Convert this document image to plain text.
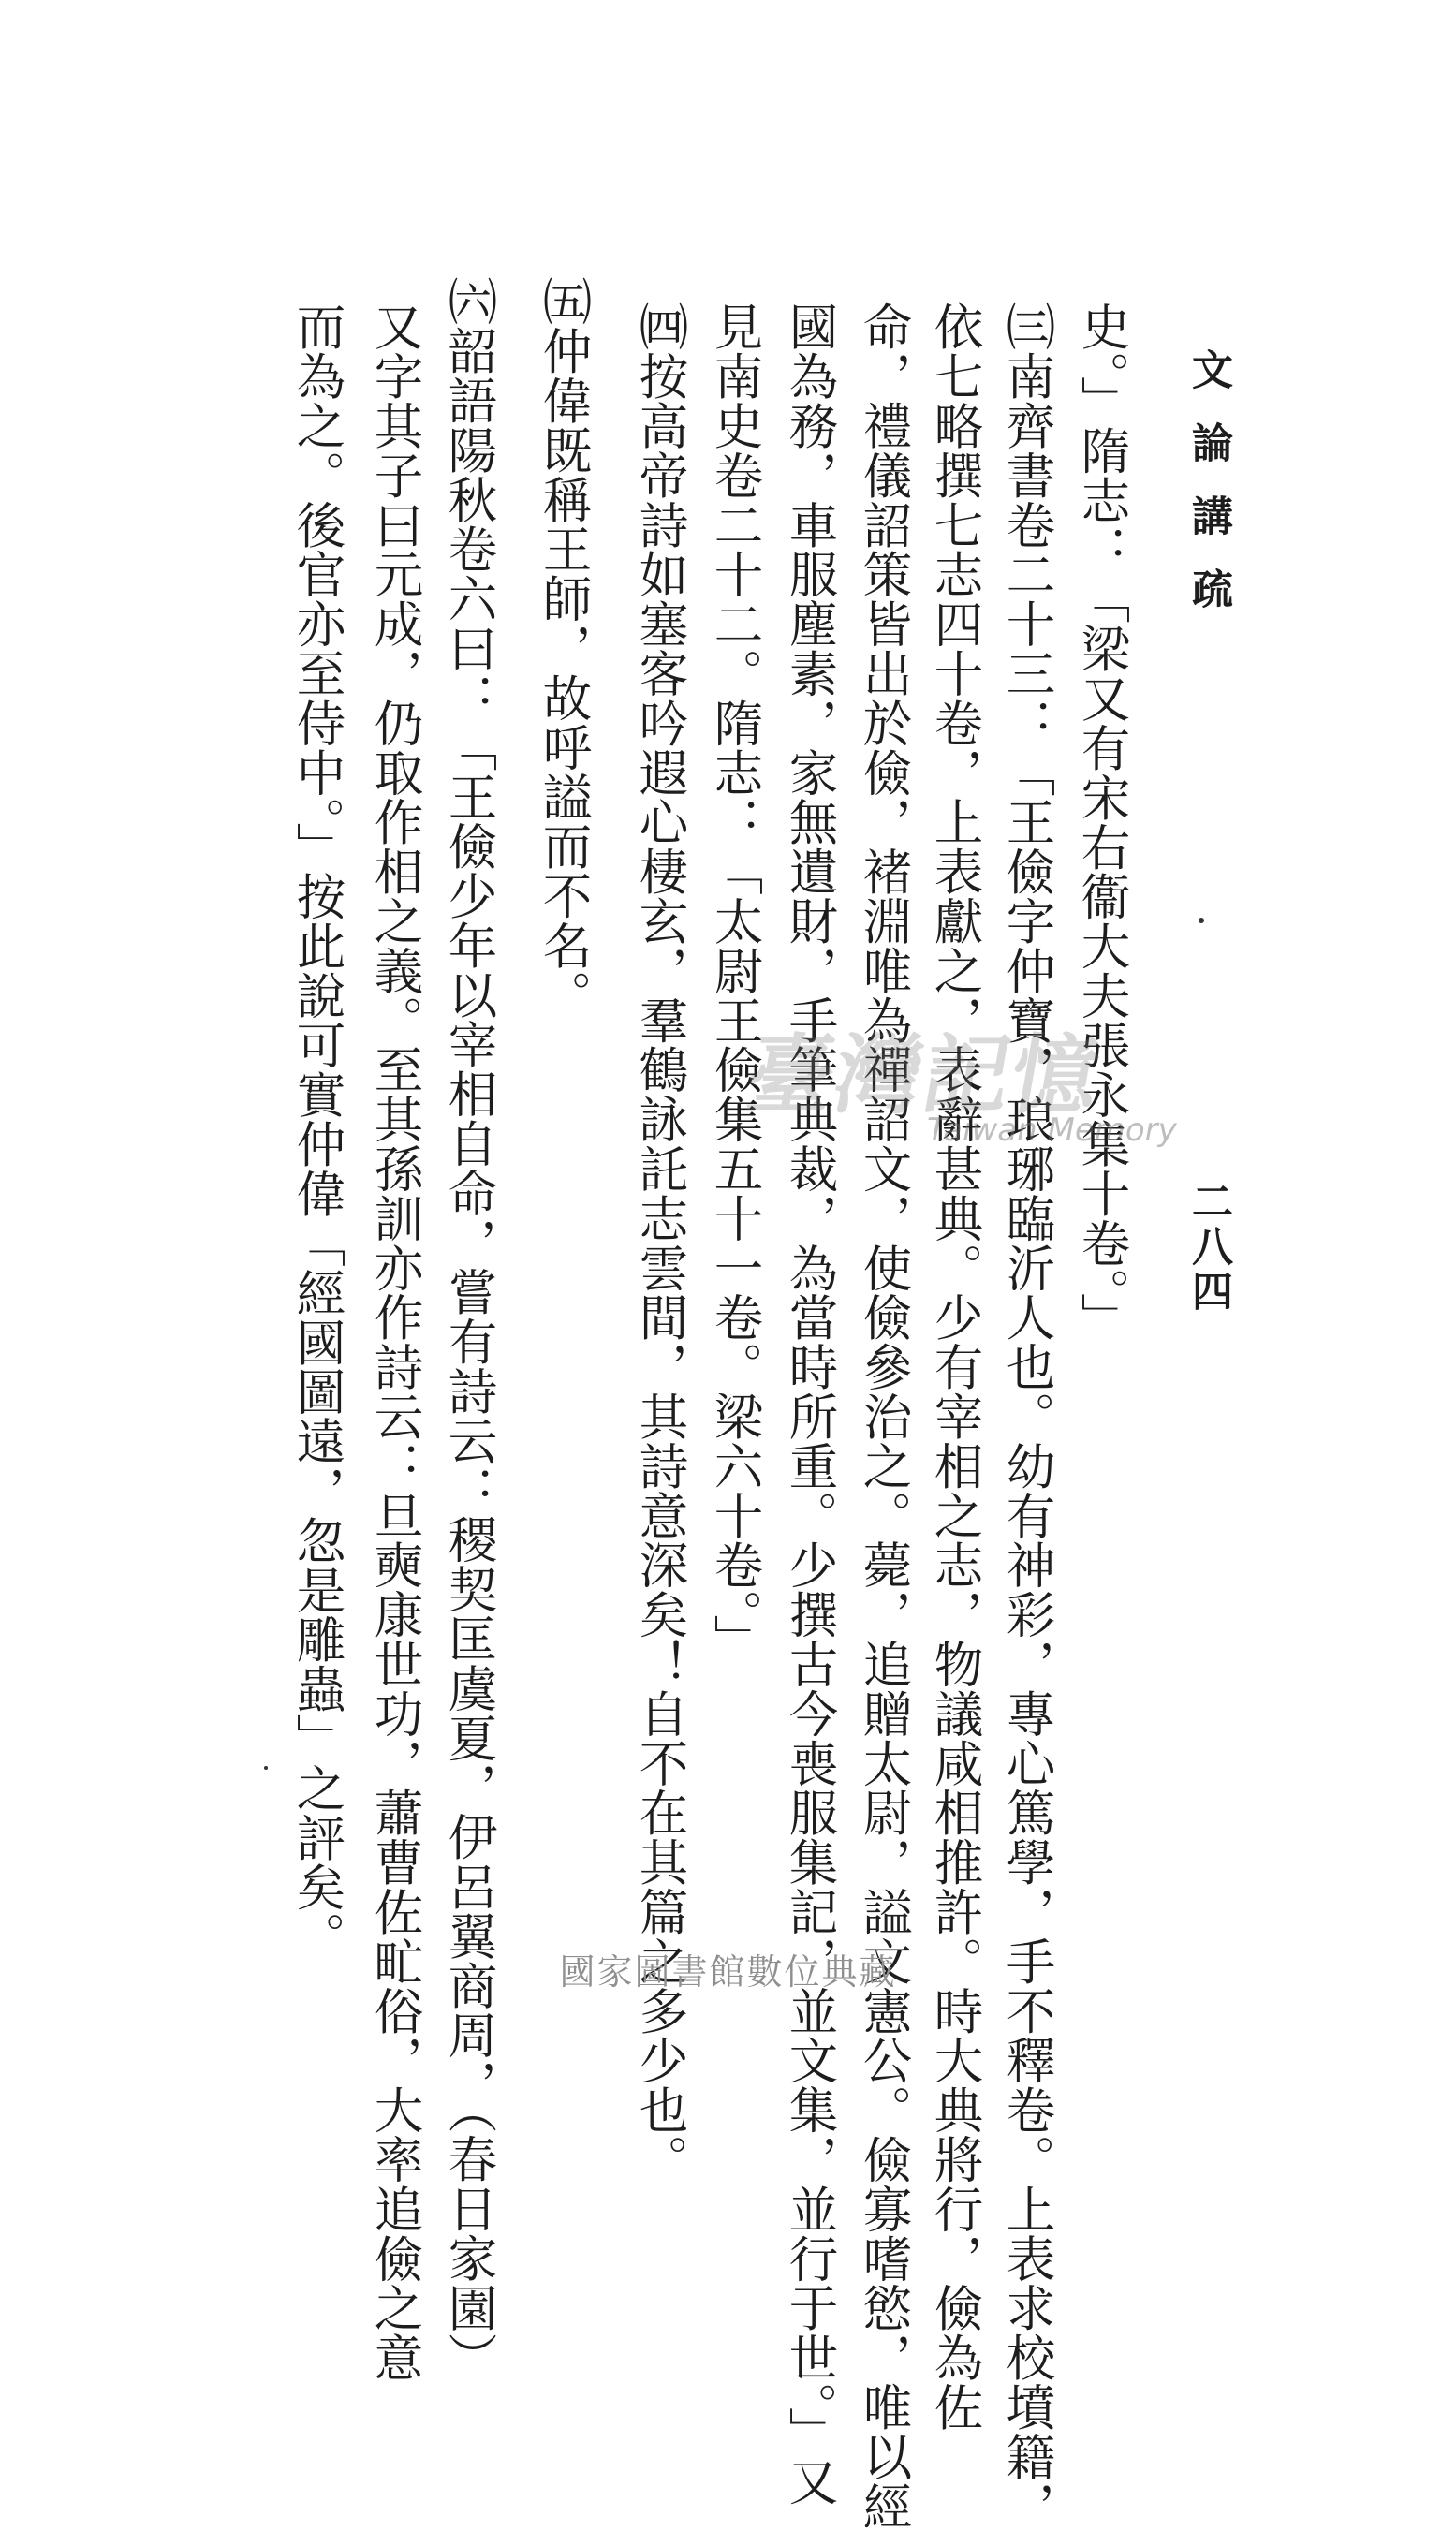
文論講疏
二八四
史。」隋志：「梁又有宋右衞大夫張永集十卷。」
㈢南齊書卷二十三：「王儉字仲寶，琅琊臨沂人也。幼有神彩，專心篤學，手不釋卷。上表求校墳籍，
依七略撰七志四十卷，上表獻之，表辭甚典。少有宰相之志，物議咸相推許。時大典將行，儉為佐
命，禮儀詔策皆出於儉，褚淵唯為禪詔文，使儉參治之。薨，追贈太尉，謚文憲公。儉寡嗜慾，唯以經
國為務，車服塵素，家無遺財，手筆典裁，為當時所重。少撰古今喪服集記，並文集，並行于世。」又
見南史卷二十二。隋志：「太尉王儉集五十一卷。梁六十卷。」
㈣按高帝詩如塞客吟遐心棲玄，羣鶴詠託志雲間，其詩意深矣！自不在其篇之多少也。
㈤仲偉既稱王師，故呼謚而不名。
㈥韶語陽秋卷六曰：「王儉少年以宰相自命，嘗有詩云：稷契匡虞夏，伊呂翼商周，（春日家園）
又字其子曰元成，仍取作相之義。至其孫訓亦作詩云：旦奭康世功，蕭曹佐甿俗，大率追儉之意
而為之。後官亦至侍中。」按此說可實仲偉「經國圖遠，忽是雕蟲」之評矣。	臺灣記憶
Taiwan Memory
國家圖書館數位典藏
